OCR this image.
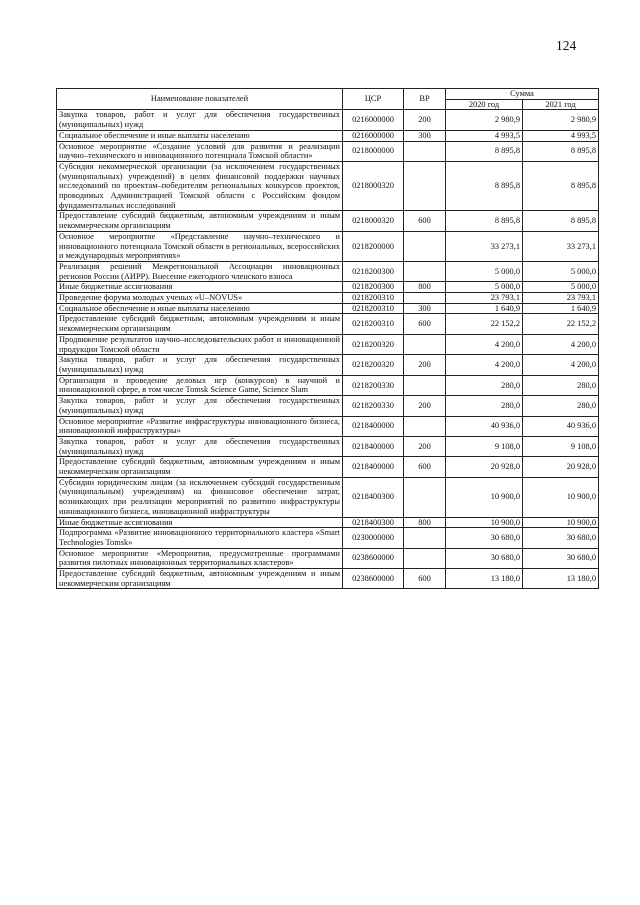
124
Наименование показателей	ЦСР	ВР	Сумма	
			2020 год	2021 год
Закупка товаров, работ и услуг для обеспечения государственных (муниципальных) нужд	0216000000	200	2 980,9	2 980,9
Социальное обеспечение и иные выплаты населению	0216000000	300	4 993,5	4 993,5
Основное мероприятие «Создание условий для развития и реализации научно–технического и инновационного потенциала Томской области»	0218000000		8 895,8	8 895,8
Субсидия некоммерческой организации (за исключением государственных (муниципальных) учреждений) в целях финансовой поддержки научных исследований по проектам–победителям региональных конкурсов проектов, проводимых Администрацией Томской области с Российским фондом фундаментальных исследований	0218000320		8 895,8	8 895,8
Предоставление субсидий бюджетным, автономным учреждениям и иным некоммерческим организациям	0218000320	600	8 895,8	8 895,8
Основное мероприятие «Представление научно–технического и инновационного потенциала Томской области в региональных, всероссийских и международных мероприятиях»	0218200000		33 273,1	33 273,1
Реализация решений Межрегиональной Ассоциации инновационных регионов России (АИРР). Внесение ежегодного членского взноса	0218200300		5 000,0	5 000,0
Иные бюджетные ассигнования	0218200300	800	5 000,0	5 000,0
Проведение форума молодых ученых «U–NOVUS»	0218200310		23 793,1	23 793,1
Социальное обеспечение и иные выплаты населению	0218200310	300	1 640,9	1 640,9
Предоставление субсидий бюджетным, автономным учреждениям и иным некоммерческим организациям	0218200310	600	22 152,2	22 152,2
Продвижение результатов научно–исследовательских работ и инновационной продукции Томской области	0218200320		4 200,0	4 200,0
Закупка товаров, работ и услуг для обеспечения государственных (муниципальных) нужд	0218200320	200	4 200,0	4 200,0
Организация и проведение деловых игр (конкурсов) в научной и инновационной сфере, в том числе Tomsk Science Game, Science Slam	0218200330		280,0	280,0
Закупка товаров, работ и услуг для обеспечения государственных (муниципальных) нужд	0218200330	200	280,0	280,0
Основное мероприятие «Развитие инфраструктуры инновационного бизнеса, инновационной инфраструктуры»	0218400000		40 936,0	40 936,0
Закупка товаров, работ и услуг для обеспечения государственных (муниципальных) нужд	0218400000	200	9 108,0	9 108,0
Предоставление субсидий бюджетным, автономным учреждениям и иным некоммерческим организациям	0218400000	600	20 928,0	20 928,0
Субсидии юридическим лицам (за исключением субсидий государственным (муниципальным) учреждениям) на финансовое обеспечение затрат, возникающих при реализации мероприятий по развитию инфраструктуры инновационного бизнеса, инновационной инфраструктуры	0218400300		10 900,0	10 900,0
Иные бюджетные ассигнования	0218400300	800	10 900,0	10 900,0
Подпрограмма «Развитие инновационного территориального кластера «Smart Technologies Tomsk»	0230000000		30 680,0	30 680,0
Основное мероприятие «Мероприятия, предусмотренные программами развития пилотных инновационных территориальных кластеров»	0238600000		30 680,0	30 680,0
Предоставление субсидий бюджетным, автономным учреждениям и иным некоммерческим организациям	0238600000	600	13 180,0	13 180,0
